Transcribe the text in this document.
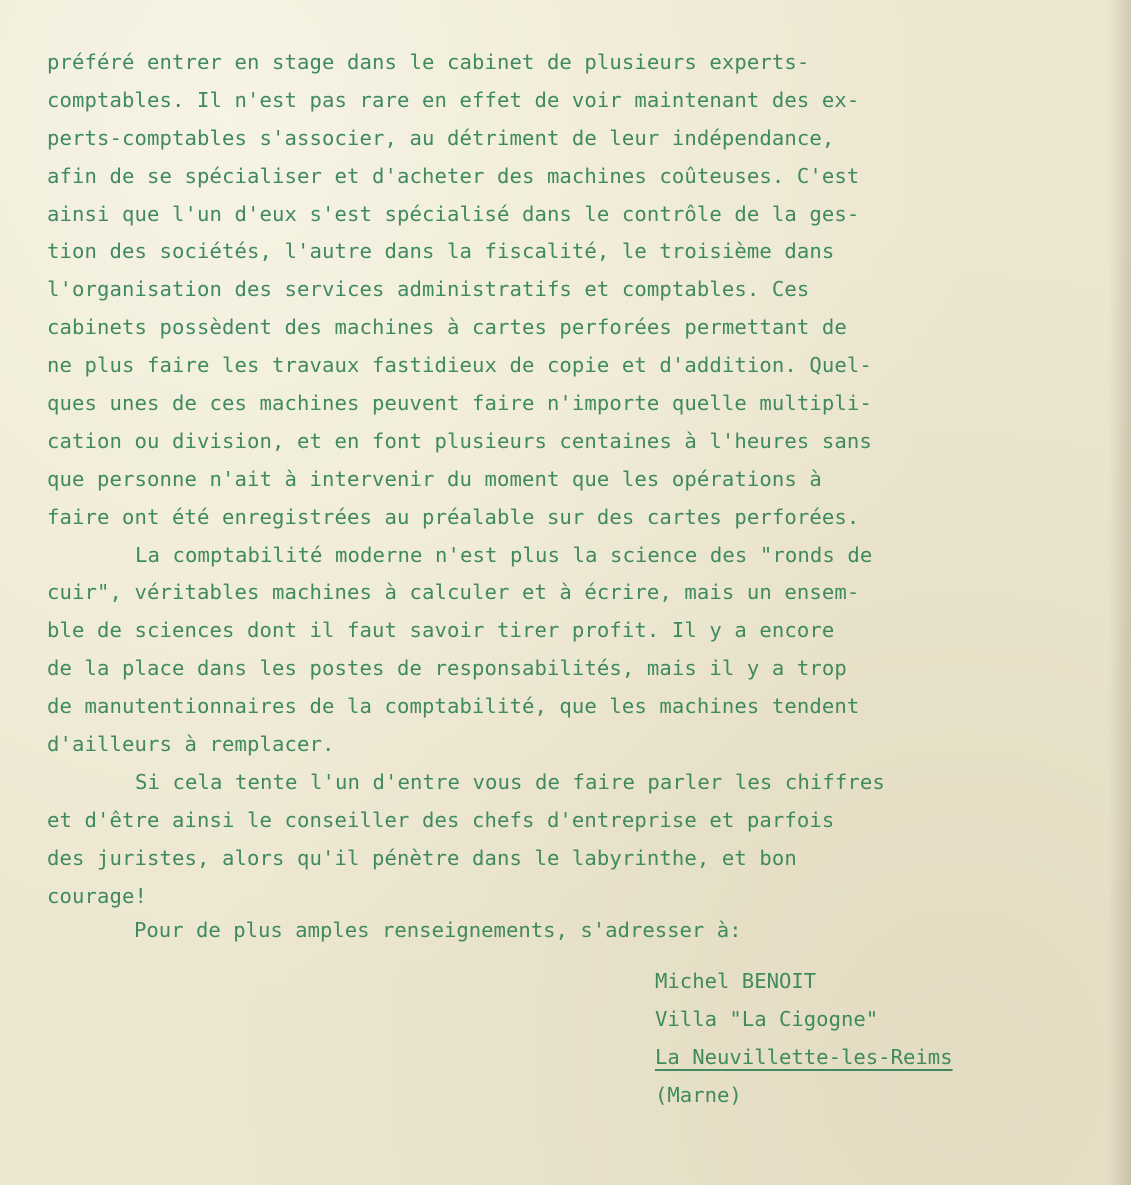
préféré entrer en stage dans le cabinet de plusieurs experts-
comptables. Il n'est pas rare en effet de voir maintenant des ex-
perts-comptables s'associer, au détriment de leur indépendance,
afin de se spécialiser et d'acheter des machines coûteuses. C'est
ainsi que l'un d'eux s'est spécialisé dans le contrôle de la ges-
tion des sociétés, l'autre dans la fiscalité, le troisième dans
l'organisation des services administratifs et comptables. Ces
cabinets possèdent des machines à cartes perforées permettant de
ne plus faire les travaux fastidieux de copie et d'addition. Quel-
ques unes de ces machines peuvent faire n'importe quelle multipli-
cation ou division, et en font plusieurs centaines à l'heures sans
que personne n'ait à intervenir du moment que les opérations à
faire ont été enregistrées au préalable sur des cartes perforées.
La comptabilité moderne n'est plus la science des "ronds de
cuir", véritables machines à calculer et à écrire, mais un ensem-
ble de sciences dont il faut savoir tirer profit. Il y a encore
de la place dans les postes de responsabilités, mais il y a trop
de manutentionnaires de la comptabilité, que les machines tendent
d'ailleurs à remplacer.
Si cela tente l'un d'entre vous de faire parler les chiffres
et d'être ainsi le conseiller des chefs d'entreprise et parfois
des juristes, alors qu'il pénètre dans le labyrinthe, et bon
courage!
Pour de plus amples renseignements, s'adresser à:
Michel BENOIT
Villa "La Cigogne"
La Neuvillette-les-Reims
(Marne)
